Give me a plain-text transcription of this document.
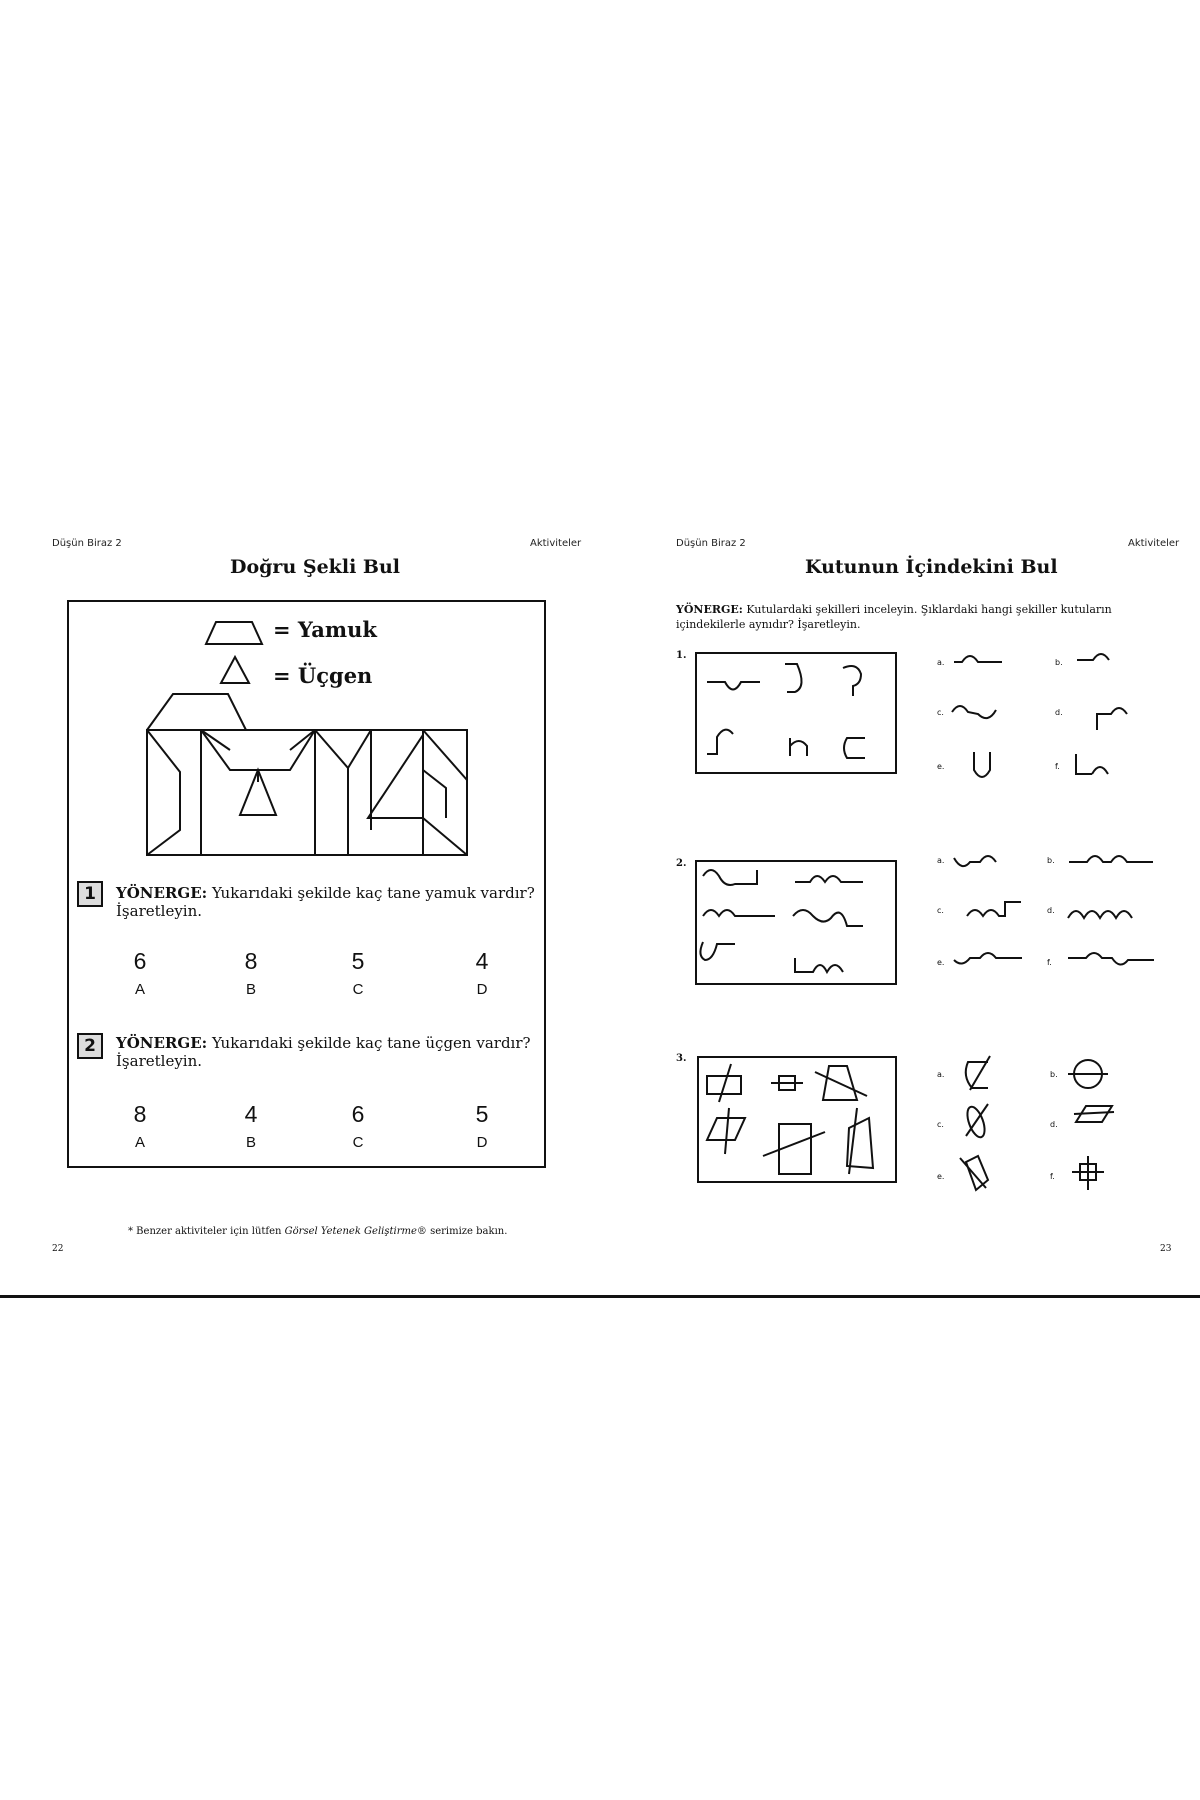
Düşün Biraz 2	Aktiviteler
Doğru Şekli Bul
= Yamuk
= Üçgen
1	YÖNERGE: Yukarıdaki şekilde kaç tane yamuk vardır?
İşaretleyin.
6
A
8
B
5
C
4
D
2	YÖNERGE: Yukarıdaki şekilde kaç tane üçgen vardır?
İşaretleyin.
8
A
4
B
6
C
5
D
* Benzer aktiviteler için lütfen Görsel Yetenek Geliştirme® serimize bakın.
22
Düşün Biraz 2	Aktiviteler
Kutunun İçindekini Bul
YÖNERGE: Kutulardaki şekilleri inceleyin. Şıklardaki hangi şekiller kutuların
içindekilerle aynıdır? İşaretleyin.
1.
a.	b.
c.	d.
e.	f.
2.	a.	b.
c.	d.
e.	f.
3.
a.	b.
c.	d.
e.	f.
23
